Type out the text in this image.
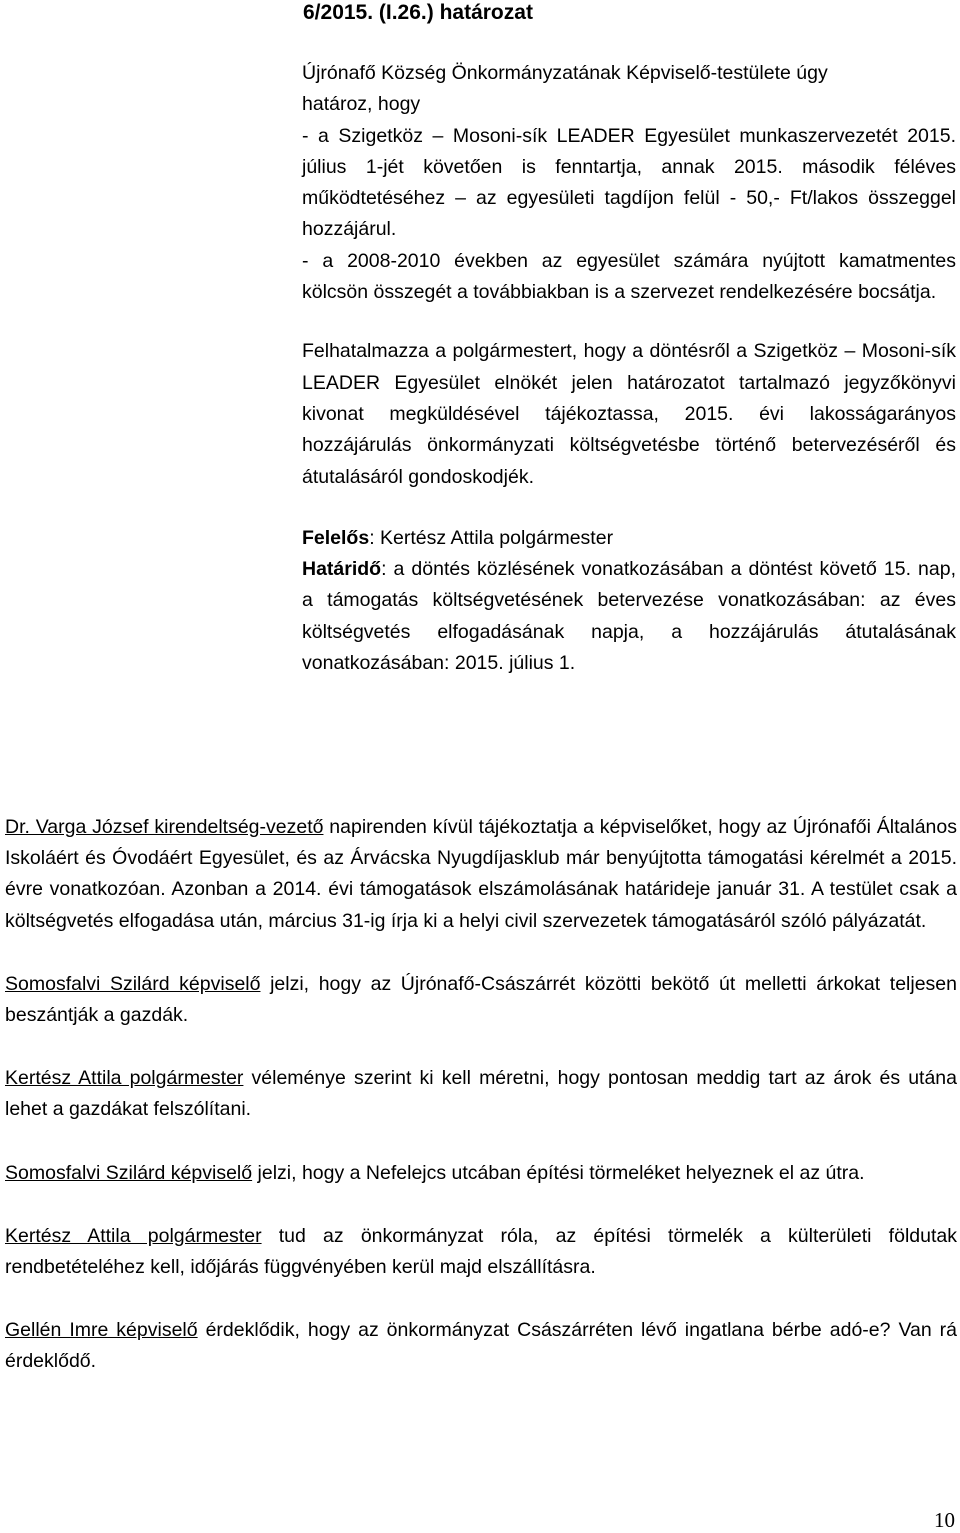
6/2015. (I.26.) határozat

Újrónafő Község Önkormányzatának Képviselő-testülete úgy
határoz, hogy

- a Szigetköz – Mosoni-sík LEADER Egyesület munkaszervezetét 2015. július 1-jét követően is fenntartja, annak 2015. második féléves működtetéséhez – az egyesületi tagdíjon felül - 50,- Ft/lakos összeggel hozzájárul.

- a 2008-2010 években az egyesület számára nyújtott kamatmentes kölcsön összegét a továbbiakban is a szervezet rendelkezésére bocsátja.

Felhatalmazza a polgármestert, hogy a döntésről a Szigetköz – Mosoni-sík LEADER Egyesület elnökét jelen határozatot tartalmazó jegyzőkönyvi kivonat megküldésével tájékoztassa, 2015. évi lakosságarányos hozzájárulás önkormányzati költségvetésbe történő betervezéséről és átutalásáról gondoskodjék.

Felelős: Kertész Attila polgármester

Határidő: a döntés közlésének vonatkozásában a döntést követő 15. nap, a támogatás költségvetésének betervezése vonatkozásában: az éves költségvetés elfogadásának napja, a hozzájárulás átutalásának vonatkozásában: 2015. július 1.

Dr. Varga József kirendeltség-vezető napirenden kívül tájékoztatja a képviselőket, hogy az Újrónafői Általános Iskoláért és Óvodáért Egyesület, és az Árvácska Nyugdíjasklub már benyújtotta támogatási kérelmét a 2015. évre vonatkozóan. Azonban a 2014. évi támogatások elszámolásának határideje január 31. A testület csak a költségvetés elfogadása után, március 31-ig írja ki a helyi civil szervezetek támogatásáról szóló pályázatát.

Somosfalvi Szilárd képviselő jelzi, hogy az Újrónafő-Császárrét közötti bekötő út melletti árkokat teljesen beszántják a gazdák.

Kertész Attila polgármester véleménye szerint ki kell méretni, hogy pontosan meddig tart az árok és utána lehet a gazdákat felszólítani.

Somosfalvi Szilárd képviselő jelzi, hogy a Nefelejcs utcában építési törmeléket helyeznek el az útra.

Kertész Attila polgármester tud az önkormányzat róla, az építési törmelék a külterületi földutak rendbetételéhez kell, időjárás függvényében kerül majd elszállításra.

Gellén Imre képviselő érdeklődik, hogy az önkormányzat Császárréten lévő ingatlana bérbe adó-e? Van rá érdeklődő.

10
